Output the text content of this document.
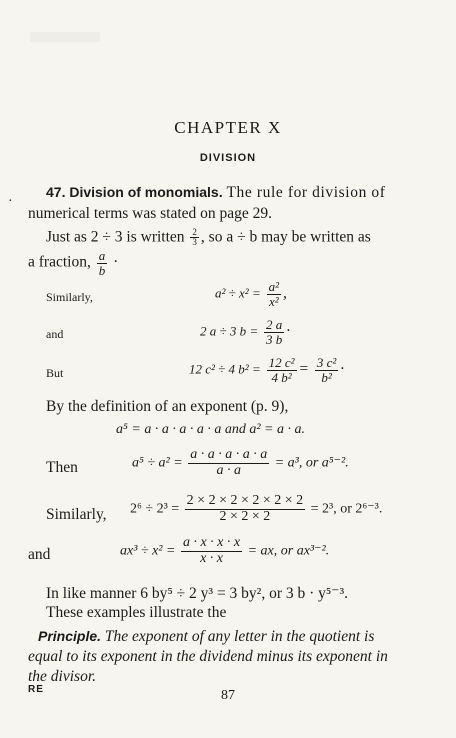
·
CHAPTER X
DIVISION
47. Division of monomials. The rule for division of
numerical terms was stated on page 29.
Just as 2 ÷ 3 is written $\frac{2}{3}$ , so a ÷ b may be written as
a fraction, $\frac{a}{b}$ ·
Similarly,	$a^2 \div x^2 = \frac{\text{a²}}{\text{x²}}$ ,
and	2 a ÷ 3 $b = \frac{2 a}{3 b}$ ·
But	12 c² ÷ 4 $b^2 = \frac{\text{12 c²}}{\text{4 b²}} = \frac{\text{3 c²}}{\text{b²}}$ ·
By the definition of an exponent (p. 9),
a⁵ = a · a · a · a · a and a² = a · a.
Then	$a^5 \div a^2 = \frac{a \cdot a \cdot a \cdot a \cdot a}{a \cdot a} = a^3$, or a⁵⁻².
Similarly, $2^6 \div 2^3 = \frac{2 \times 2 \times 2 \times 2 \times 2 \times 2}{2 \times 2 \times 2} = 2^3$, or 2⁶⁻³.
and	$ax^3 \div x^2 = \frac{a \cdot x \cdot x \cdot x}{x \cdot x}$ = ax, or ax³⁻².
In like manner 6 by⁵ ÷ 2 y³ = 3 by², or 3 b · y⁵⁻³.
These examples illustrate the
Principle. The exponent of any letter in the quotient is
equal to its exponent in the dividend minus its exponent in
the divisor.
RE	87
